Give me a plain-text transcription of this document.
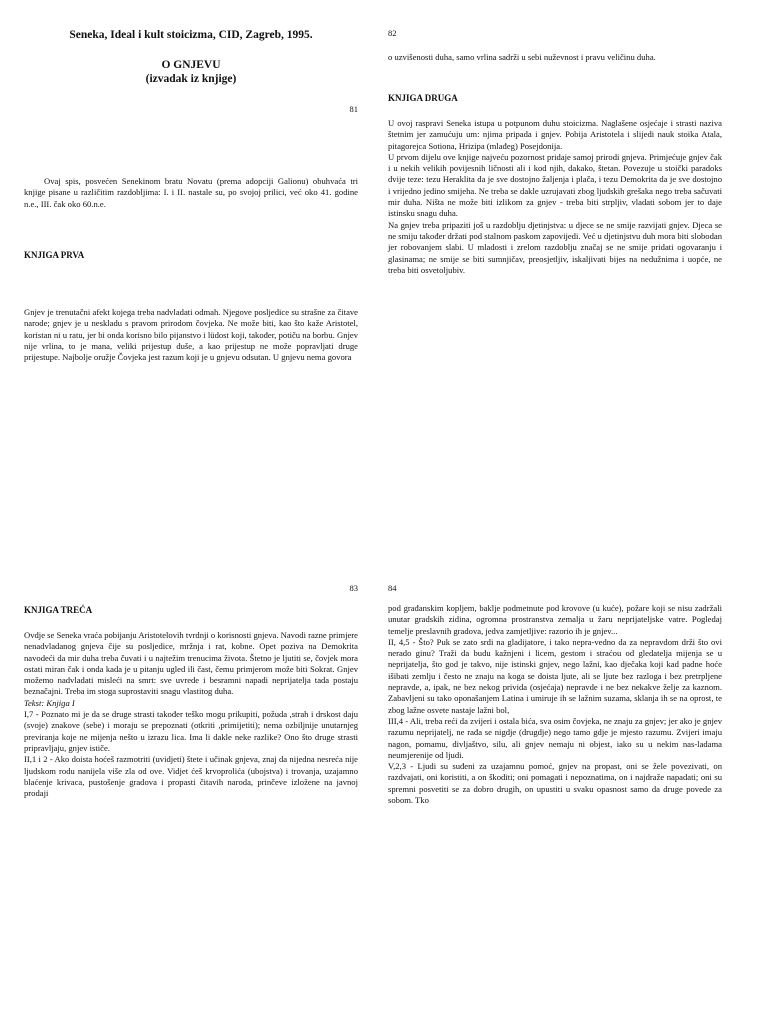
Seneka, Ideal i kult stoicizma, CID, Zagreb, 1995.
O GNJEVU
(izvadak iz knjige)
81
Ovaj spis, posvećen Senekinom bratu Novatu (prema adopciji Galionu) obuhvaća tri knjige pisane u različitim razdobljima: I. i II. nastale su, po svojoj prilici, već oko 41. godine n.e., III. čak oko 60.n.e.
KNJIGA PRVA
Gnjev je trenutačni afekt kojega treba nadvladati odmah. Njegove posljedice su strašne za čitave narode; gnjev je u neskladu s pravom prirodom čovjeka. Ne može biti, kao što kaže Aristotel, koristan ni u ratu, jer bi onda korisno bilo pijanstvo i lüdost koji, također, potiču na borbu. Gnjev nije vrlina, to je mana, veliki prijestup duše, a kao prijestup ne može popravljati druge prijestupe. Najbolje oružje Čovjeka jest razum koji je u gnjevu odsutan. U gnjevu nema govora
82
o uzvišenosti duha, samo vrlina sadrži u sebi nuževnost i pravu veličinu duha.
KNJIGA DRUGA

U ovoj raspravi Seneka istupa u potpunom duhu stoicizma. Naglašene osjećaje i strasti naziva štetnim jer zamućuju um: njima pripada i gnjev. Pobija Aristotela i slijedi nauk stoika Atala, pitagorejca Sotiona, Hrizipa (mlađeg) Posejdonija.

U prvom dijelu ove knjige najveću pozornost pridaje samoj prirodi gnjeva. Primjećuje gnjev čak i u nekih velikih povijesnih ličnosti ali i kod njih, dakako, štetan. Povezuje u stoički paradoks dvije teze: tezu Heraklita da je sve dostojno žaljenja i plača, i tezu Demokrita da je sve dostojno i vrijedno jedino smijeha. Ne treba se dakle uzrujavati zbog ljudskih grešaka nego treba sačuvati mir duha. Ništa ne može biti izlikom za gnjev - treba biti strpljiv, vladati sobom jer to daje istinsku snagu duha.

Na gnjev treba pripaziti još u razdoblju djetinjstva: u djece se ne smije razvijati gnjev. Djeca se ne smiju također držati pod stalnom paskom zapovijedi. Već u djetinjstvu duh mora biti slobodan jer robovanjem slabi. U mladosti i zrelom razdoblju značaj se ne smije pridati ogovaranju i glasinama; ne smije se biti sumnjičav, preosjetljiv, iskaljivati bijes na nedužnima i uopće, ne treba biti osvetoljubiv.

83
KNJIGA TREĆA

Ovdje se Seneka vraća pobijanju Aristotelovih tvrdnji o korisnosti gnjeva. Navodi razne primjere nenadvladanog gnjeva čije su posljedice, mržnja i rat, kobne. Opet poziva na Demokrita navodeći da mir duha treba čuvati i u najtežim trenucima života. Štetno je ljutiti se, čovjek mora ostati miran čak i onda kada je u pitanju ugled ili čast, čemu primjerom može biti Sokrat. Gnjev možemo nadvladati misleći na smrt: sve uvrede i besramni napadi neprijatelja tada postaju beznačajni. Treba im stoga suprostaviti snagu vlastitog duha.

Tekst: Knjiga I

I,7 - Poznato mi je da se druge strasti također teško mogu prikupiti, požuda ,strah i drskost daju (svoje) znakove (sebe) i moraju se prepoznati (otkriti ,primijetiti); nema ozbiljnije unutarnjeg previranja koje ne mijenja nešto u izrazu lica. Ima li dakle neke razlike? Ono što druge strasti pripravljaju, gnjev ističe.

II,1 i 2 - Ako doista hoćeš razmotriti (uvidjeti) štete i učinak gnjeva, znaj da nijedna nesreća nije ljudskom rodu nanijela više zla od ove. Vidjet ćeš krvoprolića (ubojstva) i trovanja, uzajamno blaćenje krivaca, pustošenje gradova i propasti čitavih naroda, prinčeve izložene na javnoj prodaji

84

pod građanskim kopljem, baklje podmetnute pod krovove (u kuće), požare koji se nisu zadržali unutar gradskih zidina, ogromna prostranstva zemalja u žaru neprijateljske vatre. Pogledaj temelje preslavnih gradova, jedva zamjetljive: razorio ih je gnjev...

II, 4,5 - Što? Puk se zato srdi na gladijatore, i tako nepra-vedno da za nepravdom drži što ovi nerado ginu? Traži da budu kažnjeni i licem, gestom i straćou od gledatelja mijenja se u neprijatelja, što god je takvo, nije istinski gnjev, nego lažni, kao dječaka koji kad padne hoće išibati zemlju i često ne znaju na koga se doista ljute, ali se ljute bez razloga i bez pretrpljene nepravde, a, ipak, ne bez nekog privida (osjećaja) nepravde i ne bez nekakve želje za kaznom. Zabavljeni su tako oponašanjem Latina i umiruje ih se lažnim suzama, sklanja ih se na oprost, te zbog lažne osvete nastaje lažni bol,

III,4 - Ali, treba reći da zvijeri i ostala bića, sva osim čovjeka, ne znaju za gnjev; jer ako je gnjev razumu neprijatelj, ne rađa se nigdje (drugdje) nego tamo gdje je mjesto razumu. Zvijeri imaju nagon, pomamu, divljaštvo, silu, ali gnjev nemaju ni objest, iako su u nekim nas-ladama neumjerenije od ljudi.

V,2,3 - Ljudi su suđeni za uzajamnu pomoć, gnjev na propast, oni se žele povezivati, on razdvajati, oni koristiti, a on škoditi; oni pomagati i nepoznatima, on i najdraže napadati; oni su spremni posvetiti se za dobro drugih, on upustiti u svaku opasnost samo da druge povede za sobom. Tko
